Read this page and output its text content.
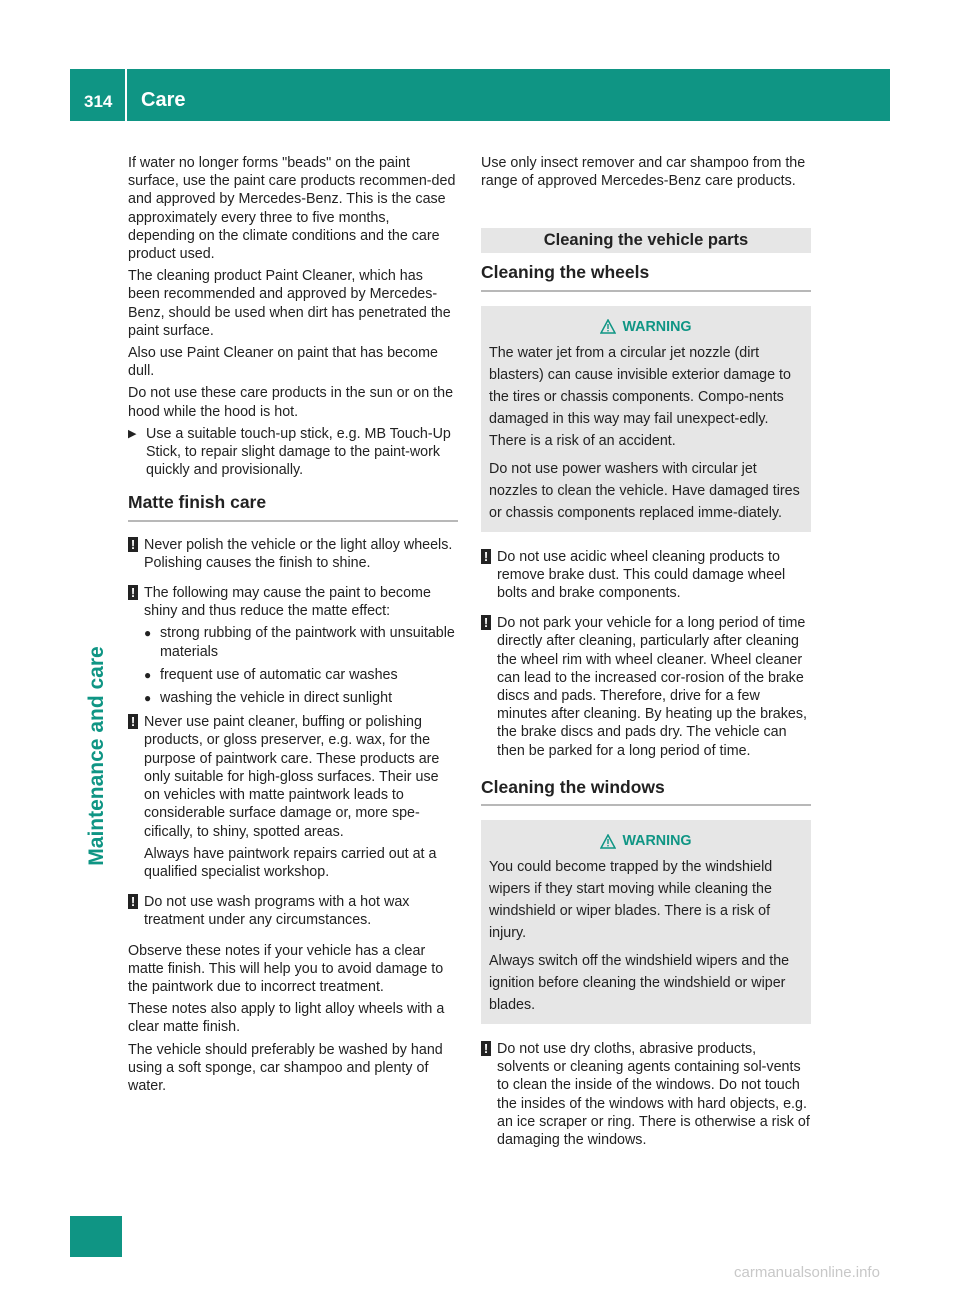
314 Care
Maintenance and care

If water no longer forms "beads" on the paint surface, use the paint care products recommen-ded and approved by Mercedes-Benz. This is the case approximately every three to five months, depending on the climate conditions and the care product used.

The cleaning product Paint Cleaner, which has been recommended and approved by Mercedes-Benz, should be used when dirt has penetrated the paint surface.

Also use Paint Cleaner on paint that has become dull.

Do not use these care products in the sun or on the hood while the hood is hot.

▶ Use a suitable touch-up stick, e.g. MB Touch-Up Stick, to repair slight damage to the paint-work quickly and provisionally.
Matte finish care
! Never polish the vehicle or the light alloy wheels. Polishing causes the finish to shine.
! The following may cause the paint to become shiny and thus reduce the matte effect:
● strong rubbing of the paintwork with unsuitable materials
● frequent use of automatic car washes
● washing the vehicle in direct sunlight
! Never use paint cleaner, buffing or polishing products, or gloss preserver, e.g. wax, for the purpose of paintwork care. These products are only suitable for high-gloss surfaces. Their use on vehicles with matte paintwork leads to considerable surface damage or, more spe-cifically, to shiny, spotted areas.

Always have paintwork repairs carried out at a qualified specialist workshop.

! Do not use wash programs with a hot wax treatment under any circumstances.

Observe these notes if your vehicle has a clear matte finish. This will help you to avoid damage to the paintwork due to incorrect treatment.

These notes also apply to light alloy wheels with a clear matte finish.

The vehicle should preferably be washed by hand using a soft sponge, car shampoo and plenty of water.

Use only insect remover and car shampoo from the range of approved Mercedes-Benz care products.

Cleaning the vehicle parts
Cleaning the wheels
WARNING

The water jet from a circular jet nozzle (dirt blasters) can cause invisible exterior damage to the tires or chassis components. Compo-nents damaged in this way may fail unexpect-edly. There is a risk of an accident.

Do not use power washers with circular jet nozzles to clean the vehicle. Have damaged tires or chassis components replaced imme-diately.

! Do not use acidic wheel cleaning products to remove brake dust. This could damage wheel bolts and brake components.
! Do not park your vehicle for a long period of time directly after cleaning, particularly after cleaning the wheel rim with wheel cleaner. Wheel cleaner can lead to the increased cor-rosion of the brake discs and pads. Therefore, drive for a few minutes after cleaning. By heating up the brakes, the brake discs and pads dry. The vehicle can then be parked for a long period of time.
Cleaning the windows
WARNING

You could become trapped by the windshield wipers if they start moving while cleaning the windshield or wiper blades. There is a risk of injury.

Always switch off the windshield wipers and the ignition before cleaning the windshield or wiper blades.

! Do not use dry cloths, abrasive products, solvents or cleaning agents containing sol-vents to clean the inside of the windows. Do not touch the insides of the windows with hard objects, e.g. an ice scraper or ring. There is otherwise a risk of damaging the windows.
carmanualsonline.info
